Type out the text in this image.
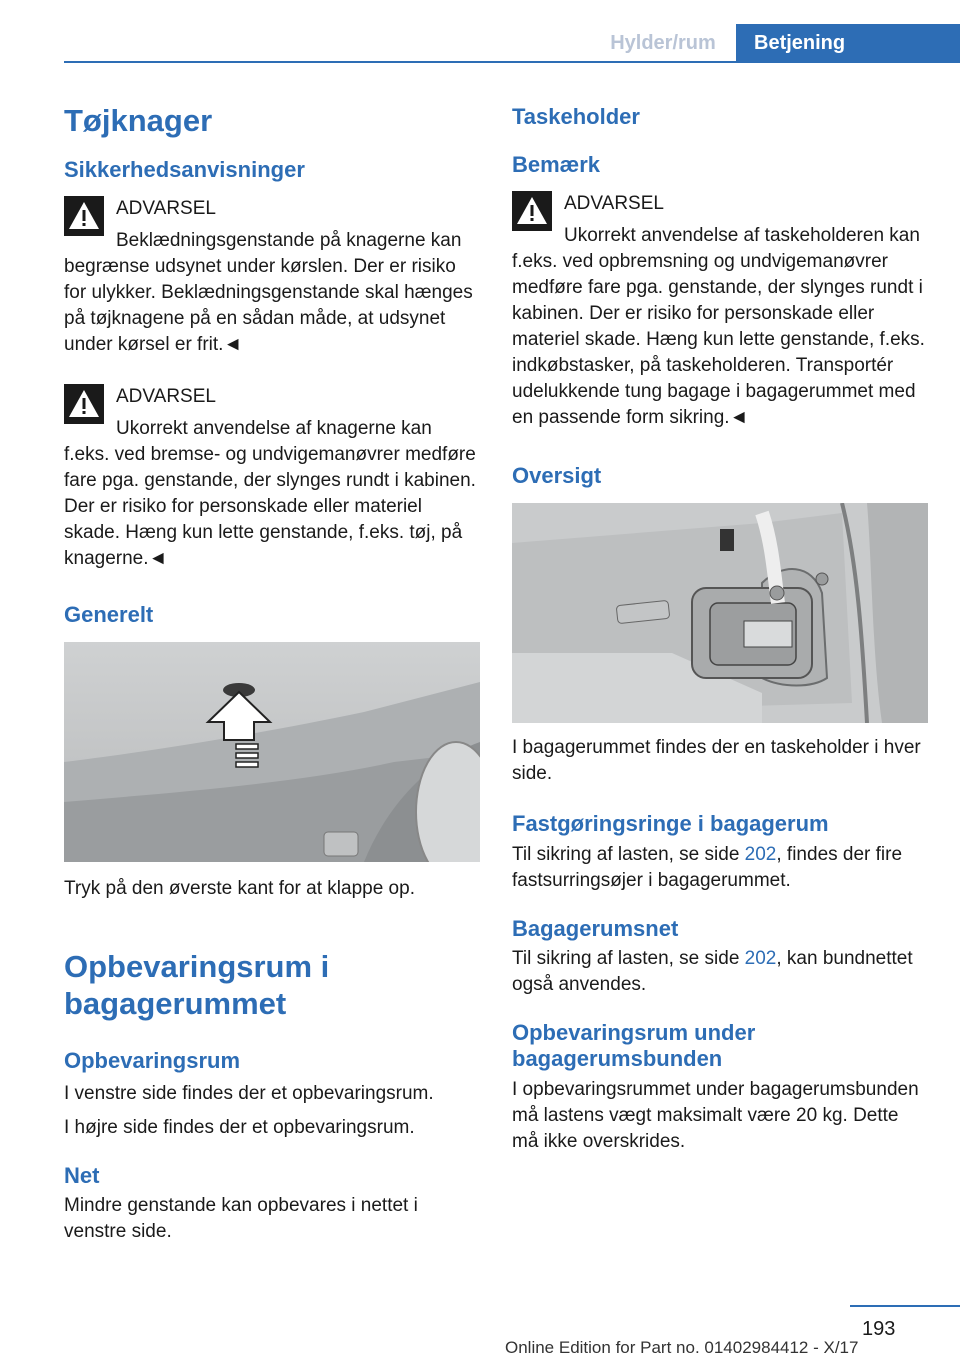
Hylder/rum	Betjening
Tøjknager
Sikkerhedsanvisninger
ADVARSEL
Beklædningsgenstande på knagerne kan begrænse udsynet under kørslen. Der er risiko for ulykker. Beklædningsgenstande skal hænges på tøjknagene på en sådan måde, at udsynet under kørsel er frit.◄
ADVARSEL
Ukorrekt anvendelse af knagerne kan f.eks. ved bremse- og undvigemanøvrer medføre fare pga. genstande, der slynges rundt i kabinen. Der er risiko for personskade eller materiel skade. Hæng kun lette genstande, f.eks. tøj, på knagerne.◄
Generelt

Tryk på den øverste kant for at klappe op.

Opbevaringsrum i bagagerummet
Opbevaringsrum

I venstre side findes der et opbevaringsrum.

I højre side findes der et opbevaringsrum.

Net

Mindre genstande kan opbevares i nettet i venstre side.

Taskeholder
Bemærk
ADVARSEL
Ukorrekt anvendelse af taskeholderen kan f.eks. ved opbremsning og undvigemanøvrer medføre fare pga. genstande, der slynges rundt i kabinen. Der er risiko for personskade eller materiel skade. Hæng kun lette genstande, f.eks. indkøbstasker, på taskeholderen. Transportér udelukkende tung bagage i bagagerummet med en passende form sikring.◄
Oversigt

I bagagerummet findes der en taskeholder i hver side.

Fastgøringsringe i bagagerum

Til sikring af lasten, se side 202, findes der fire fastsurringsøjer i bagagerummet.

Bagagerumsnet

Til sikring af lasten, se side 202, kan bundnettet også anvendes.

Opbevaringsrum under bagagerumsbunden

I opbevaringsrummet under bagagerumsbunden må lastens vægt maksimalt være 20 kg. Dette må ikke overskrides.

193
Online Edition for Part no. 01402984412 - X/17
